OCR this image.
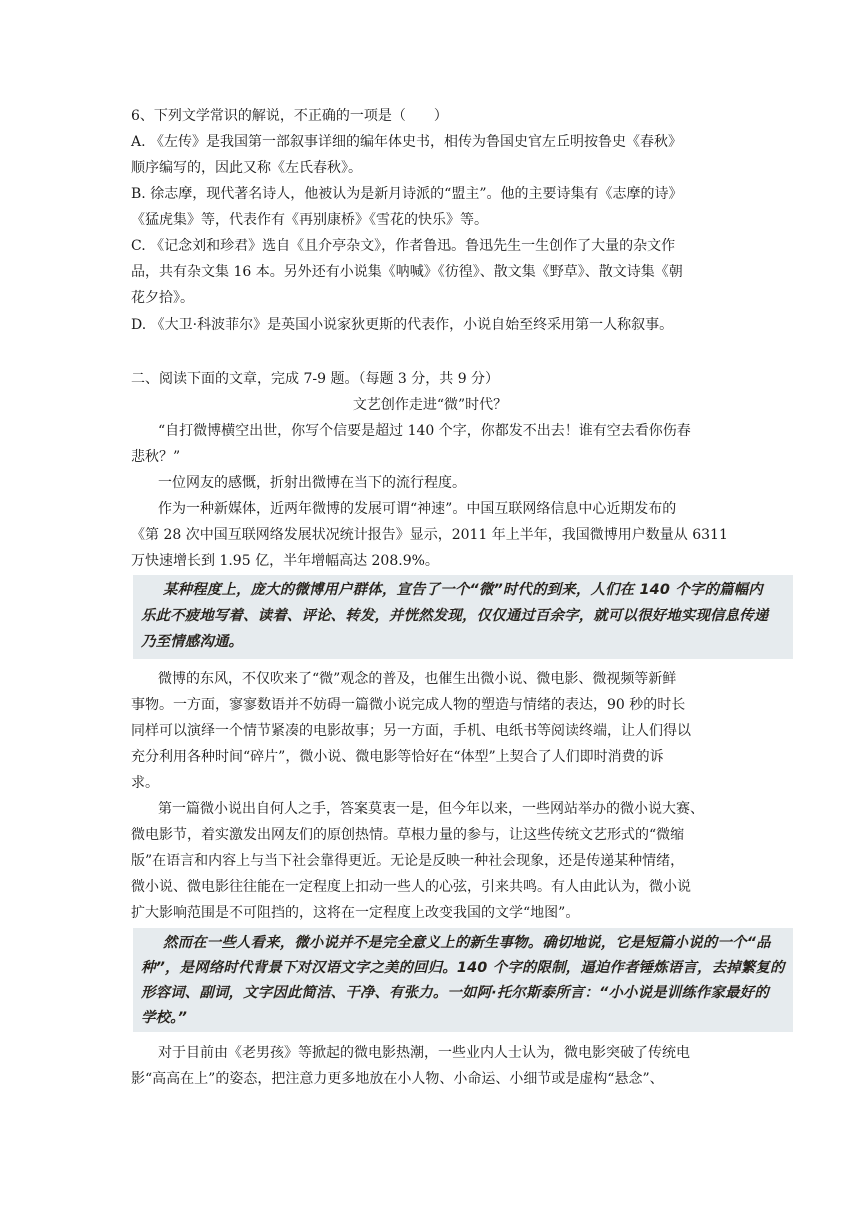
6、下列文学常识的解说，不正确的一项是（　　）
A. 《左传》是我国第一部叙事详细的编年体史书，相传为鲁国史官左丘明按鲁史《春秋》
顺序编写的，因此又称《左氏春秋》。
B. 徐志摩，现代著名诗人，他被认为是新月诗派的“盟主”。他的主要诗集有《志摩的诗》
《猛虎集》等，代表作有《再别康桥》《雪花的快乐》等。
C. 《记念刘和珍君》选自《且介亭杂文》，作者鲁迅。鲁迅先生一生创作了大量的杂文作
品，共有杂文集 16 本。另外还有小说集《呐喊》《彷徨》、散文集《野草》、散文诗集《朝
花夕拾》。
D. 《大卫·科波菲尔》是英国小说家狄更斯的代表作，小说自始至终采用第一人称叙事。
二、阅读下面的文章，完成 7-9 题。（每题 3 分，共 9 分）
文艺创作走进“微”时代？
“自打微博横空出世，你写个信要是超过 140 个字，你都发不出去！谁有空去看你伤春
悲秋？”
一位网友的感慨，折射出微博在当下的流行程度。
作为一种新媒体，近两年微博的发展可谓“神速”。中国互联网络信息中心近期发布的
《第 28 次中国互联网络发展状况统计报告》显示，2011 年上半年，我国微博用户数量从 6311
万快速增长到 1.95 亿，半年增幅高达 208.9%。
某种程度上，庞大的微博用户群体，宣告了一个“微”时代的到来，人们在 140 个字的篇幅内
乐此不疲地写着、读着、评论、转发，并恍然发现，仅仅通过百余字，就可以很好地实现信息传递
乃至情感沟通。
微博的东风，不仅吹来了“微”观念的普及，也催生出微小说、微电影、微视频等新鲜
事物。一方面，寥寥数语并不妨碍一篇微小说完成人物的塑造与情绪的表达，90 秒的时长
同样可以演绎一个情节紧凑的电影故事；另一方面，手机、电纸书等阅读终端，让人们得以
充分利用各种时间“碎片”，微小说、微电影等恰好在“体型”上契合了人们即时消费的诉
求。
第一篇微小说出自何人之手，答案莫衷一是，但今年以来，一些网站举办的微小说大赛、
微电影节，着实激发出网友们的原创热情。草根力量的参与，让这些传统文艺形式的“微缩
版”在语言和内容上与当下社会靠得更近。无论是反映一种社会现象，还是传递某种情绪，
微小说、微电影往往能在一定程度上扣动一些人的心弦，引来共鸣。有人由此认为，微小说
扩大影响范围是不可阻挡的，这将在一定程度上改变我国的文学“地图”。
然而在一些人看来，微小说并不是完全意义上的新生事物。确切地说，它是短篇小说的一个“品
种”，是网络时代背景下对汉语文字之美的回归。140 个字的限制，逼迫作者锤炼语言，去掉繁复的
形容词、副词，文字因此简洁、干净、有张力。一如阿·托尔斯泰所言：“小小说是训练作家最好的
学校。”
对于目前由《老男孩》等掀起的微电影热潮，一些业内人士认为，微电影突破了传统电
影“高高在上”的姿态，把注意力更多地放在小人物、小命运、小细节或是虚构“悬念”、
